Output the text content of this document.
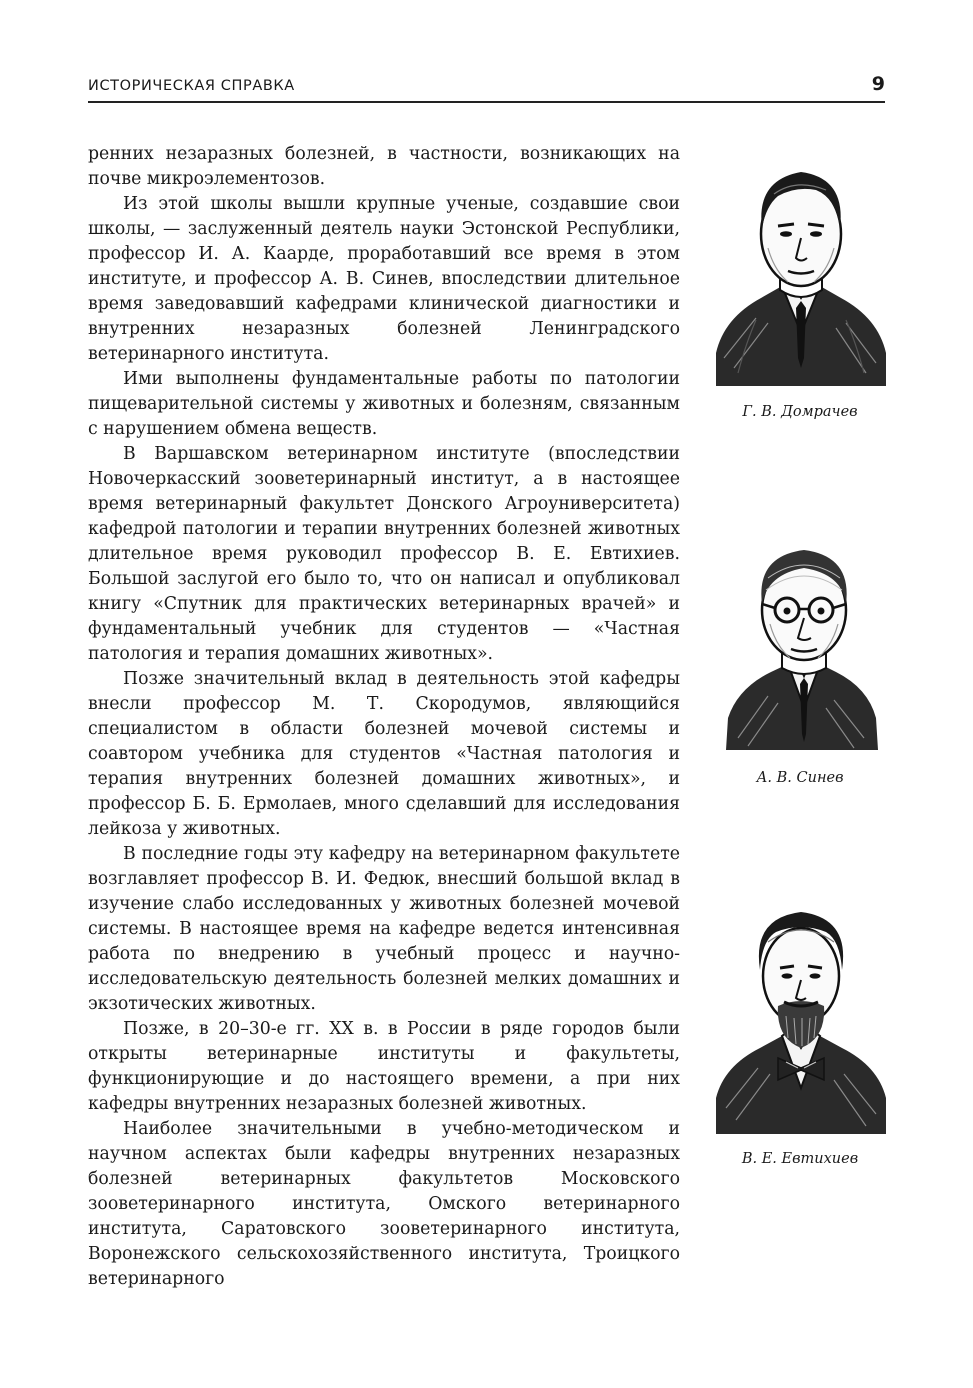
ИСТОРИЧЕСКАЯ СПРАВКА	9

ренних незаразных болезней, в частности, возникающих на почве микроэлементозов.

Из этой школы вышли крупные ученые, создавшие свои школы, — заслуженный деятель науки Эстонской Республики, профессор И. А. Каарде, проработавший все время в этом институте, и профессор А. В. Синев, впоследствии длительное время заведовавший кафедрами клинической диагностики и внутренних незаразных болезней Ленинградского ветеринарного института.

Ими выполнены фундаментальные работы по патологии пищеварительной системы у животных и болезням, связанным с нарушением обмена веществ.

В Варшавском ветеринарном институте (впоследствии Новочеркасский зооветеринарный институт, а в настоящее время ветеринарный факультет Донского Агроуниверситета) кафедрой патологии и терапии внутренних болезней животных длительное время руководил профессор В. Е. Евтихиев. Большой заслугой его было то, что он написал и опубликовал книгу «Спутник для практических ветеринарных врачей» и фундаментальный учебник для студентов — «Частная патология и терапия домашних животных».

Позже значительный вклад в деятельность этой кафедры внесли профессор М. Т. Скородумов, являющийся специалистом в области болезней мочевой системы и соавтором учебника для студентов «Частная патология и терапия внутренних болезней домашних животных», и профессор Б. Б. Ермолаев, много сделавший для исследования лейкоза у животных.

В последние годы эту кафедру на ветеринарном факультете возглавляет профессор В. И. Федюк, внесший большой вклад в изучение слабо исследованных у животных болезней мочевой системы. В настоящее время на кафедре ведется интенсивная работа по внедрению в учебный процесс и научно-исследовательскую деятельность болезней мелких домашних и экзотических животных.

Позже, в 20–30-е гг. XX в. в России в ряде городов были открыты ветеринарные институты и факультеты, функционирующие и до настоящего времени, а при них кафедры внутренних незаразных болезней животных.

Наиболее значительными в учебно-методическом и научном аспектах были кафедры внутренних незаразных болезней ветеринарных факультетов Московского зооветеринарного института, Омского ветеринарного института, Саратовского зооветеринарного института, Воронежского сельскохозяйственного института, Троицкого ветеринарного

Г. В. Домрачев
А. В. Синев
В. Е. Евтихиев
